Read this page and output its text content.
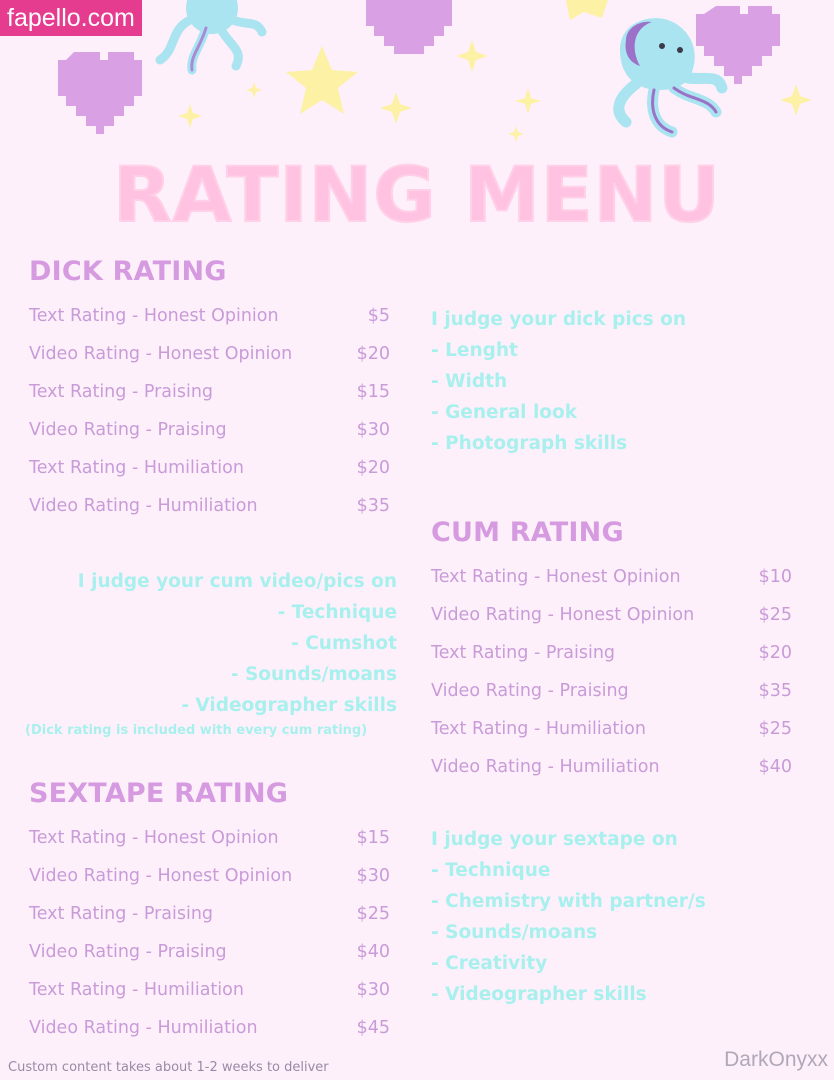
fapello.com
RATING MENU
DICK RATING
Text Rating - Honest Opinion	$5
Video Rating - Honest Opinion	$20
Text Rating - Praising	$15
Video Rating - Praising	$30
Text Rating - Humiliation	$20
Video Rating - Humiliation	$35
I judge your dick pics on
- Lenght
- Width
- General look
- Photograph skills
CUM RATING
Text Rating - Honest Opinion	$10
Video Rating - Honest Opinion	$25
Text Rating - Praising	$20
Video Rating - Praising	$35
Text Rating - Humiliation	$25
Video Rating - Humiliation	$40
I judge your cum video/pics on
- Technique
- Cumshot
- Sounds/moans
- Videographer skills
(Dick rating is included with every cum rating)
SEXTAPE RATING
Text Rating - Honest Opinion	$15
Video Rating - Honest Opinion	$30
Text Rating - Praising	$25
Video Rating - Praising	$40
Text Rating - Humiliation	$30
Video Rating - Humiliation	$45
I judge your sextape on
- Technique
- Chemistry with partner/s
- Sounds/moans
- Creativity
- Videographer skills
Custom content takes about 1-2 weeks to deliver	DarkOnyxx
